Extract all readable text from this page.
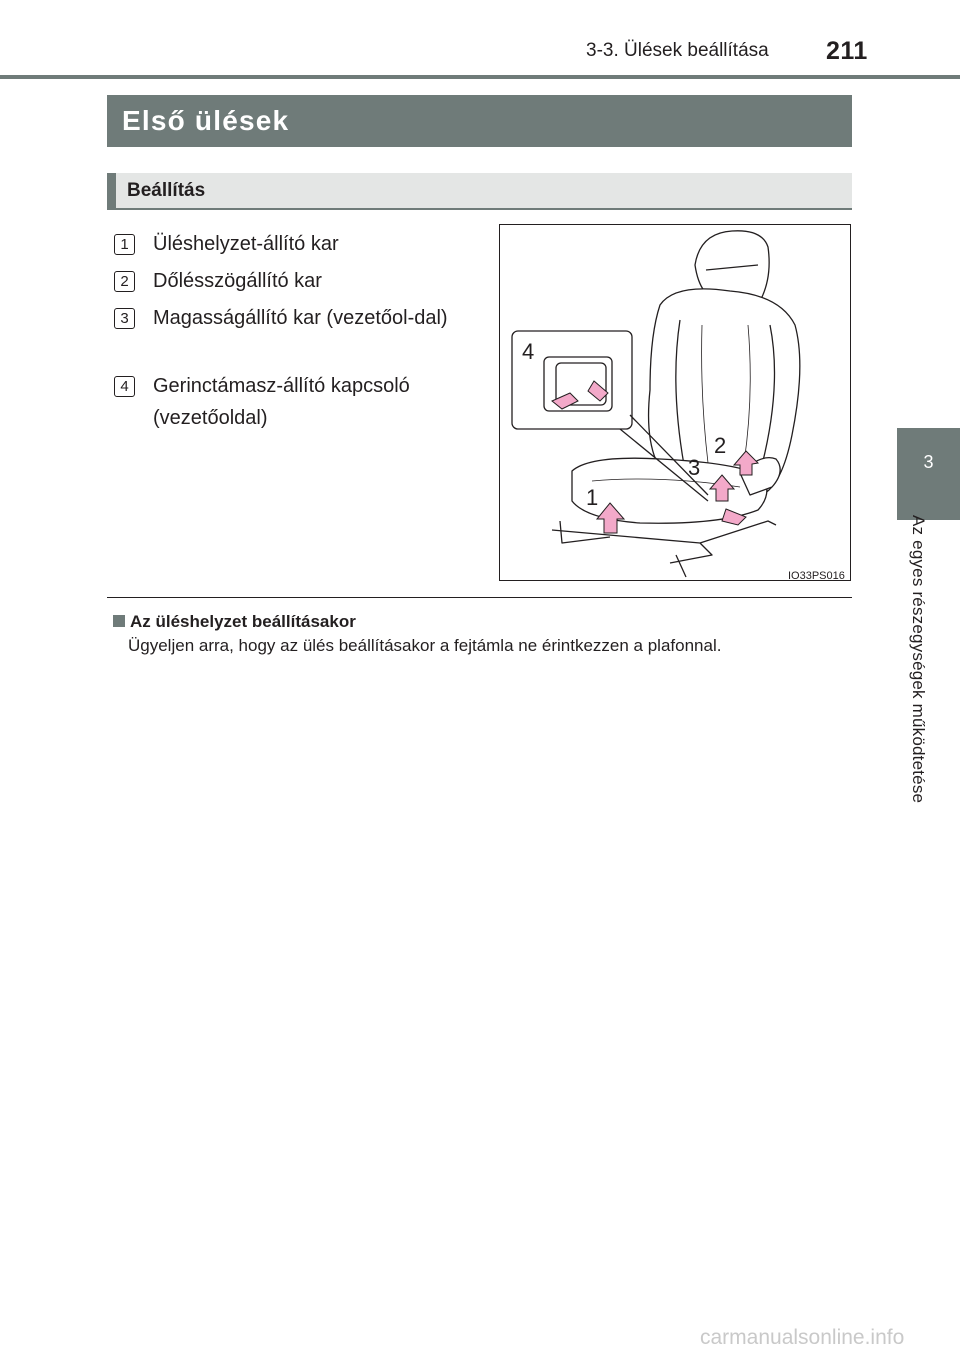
3-3. Ülések beállítása 211
3
Az egyes részegységek működtetése
Első ülések
Beállítás
1	Üléshelyzet-állító kar
2	Dőlésszögállító kar
3	Magasságállító kar (vezetőol-dal)
4	Gerinctámasz-állító kapcsoló (vezetőoldal)
4
1
3
2
IO33PS016
Az üléshelyzet beállításakor
Ügyeljen arra, hogy az ülés beállításakor a fejtámla ne érintkezzen a plafonnal.
carmanualsonline.info
